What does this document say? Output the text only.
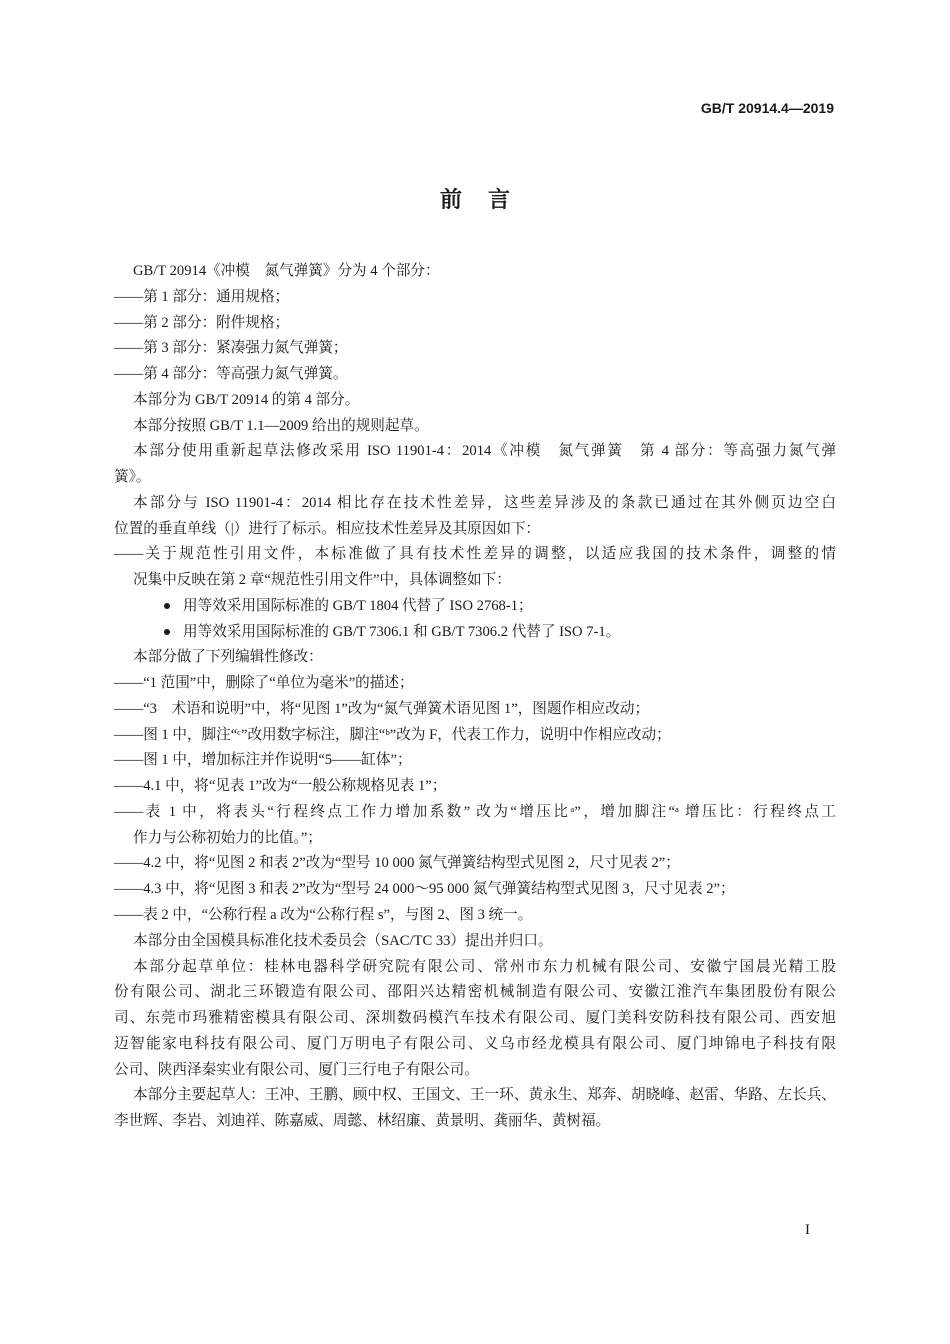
GB/T 20914.4—2019
前言
GB/T 20914《冲模　氮气弹簧》分为 4 个部分：
——第 1 部分：通用规格；
——第 2 部分：附件规格；
——第 3 部分：紧凑强力氮气弹簧；
——第 4 部分：等高强力氮气弹簧。
本部分为 GB/T 20914 的第 4 部分。
本部分按照 GB/T 1.1—2009 给出的规则起草。
本部分使用重新起草法修改采用 ISO 11901-4：2014《冲模　氮气弹簧　第 4 部分：等高强力氮气弹
簧》。
本部分与 ISO 11901-4：2014 相比存在技术性差异，这些差异涉及的条款已通过在其外侧页边空白
位置的垂直单线（|）进行了标示。相应技术性差异及其原因如下：
——关于规范性引用文件，本标准做了具有技术性差异的调整，以适应我国的技术条件，调整的情
况集中反映在第 2 章“规范性引用文件”中，具体调整如下：
用等效采用国际标准的 GB/T 1804 代替了 ISO 2768-1；
用等效采用国际标准的 GB/T 7306.1 和 GB/T 7306.2 代替了 ISO 7-1。
本部分做了下列编辑性修改：
——“1 范围”中，删除了“单位为毫米”的描述；
——“3　术语和说明”中，将“见图 1”改为“氮气弹簧术语见图 1”，图题作相应改动；
——图 1 中，脚注“ᶜ”改用数字标注，脚注“ᵇ”改为 F，代表工作力，说明中作相应改动；
——图 1 中，增加标注并作说明“5——缸体”；
——4.1 中，将“见表 1”改为“一般公称规格见表 1”；
——表 1 中，将表头“行程终点工作力增加系数” 改为“增压比ᵃ”，增加脚注“ᵃ 增压比：行程终点工
作力与公称初始力的比值。”；
——4.2 中，将“见图 2 和表 2”改为“型号 10 000 氮气弹簧结构型式见图 2，尺寸见表 2”；
——4.3 中，将“见图 3 和表 2”改为“型号 24 000～95 000 氮气弹簧结构型式见图 3，尺寸见表 2”；
——表 2 中，“公称行程 a 改为“公称行程 s”，与图 2、图 3 统一。
本部分由全国模具标准化技术委员会（SAC/TC 33）提出并归口。
本部分起草单位：桂林电器科学研究院有限公司、常州市东力机械有限公司、安徽宁国晨光精工股
份有限公司、湖北三环锻造有限公司、邵阳兴达精密机械制造有限公司、安徽江淮汽车集团股份有限公
司、东莞市玛雅精密模具有限公司、深圳数码模汽车技术有限公司、厦门美科安防科技有限公司、西安旭
迈智能家电科技有限公司、厦门万明电子有限公司、义乌市经龙模具有限公司、厦门坤锦电子科技有限
公司、陕西泽秦实业有限公司、厦门三行电子有限公司。
本部分主要起草人：王冲、王鹏、顾中权、王国文、王一环、黄永生、郑奔、胡晓峰、赵雷、华路、左长兵、
李世辉、李岩、刘迪祥、陈嘉威、周懿、林绍廉、黄景明、龚丽华、黄树福。
I
